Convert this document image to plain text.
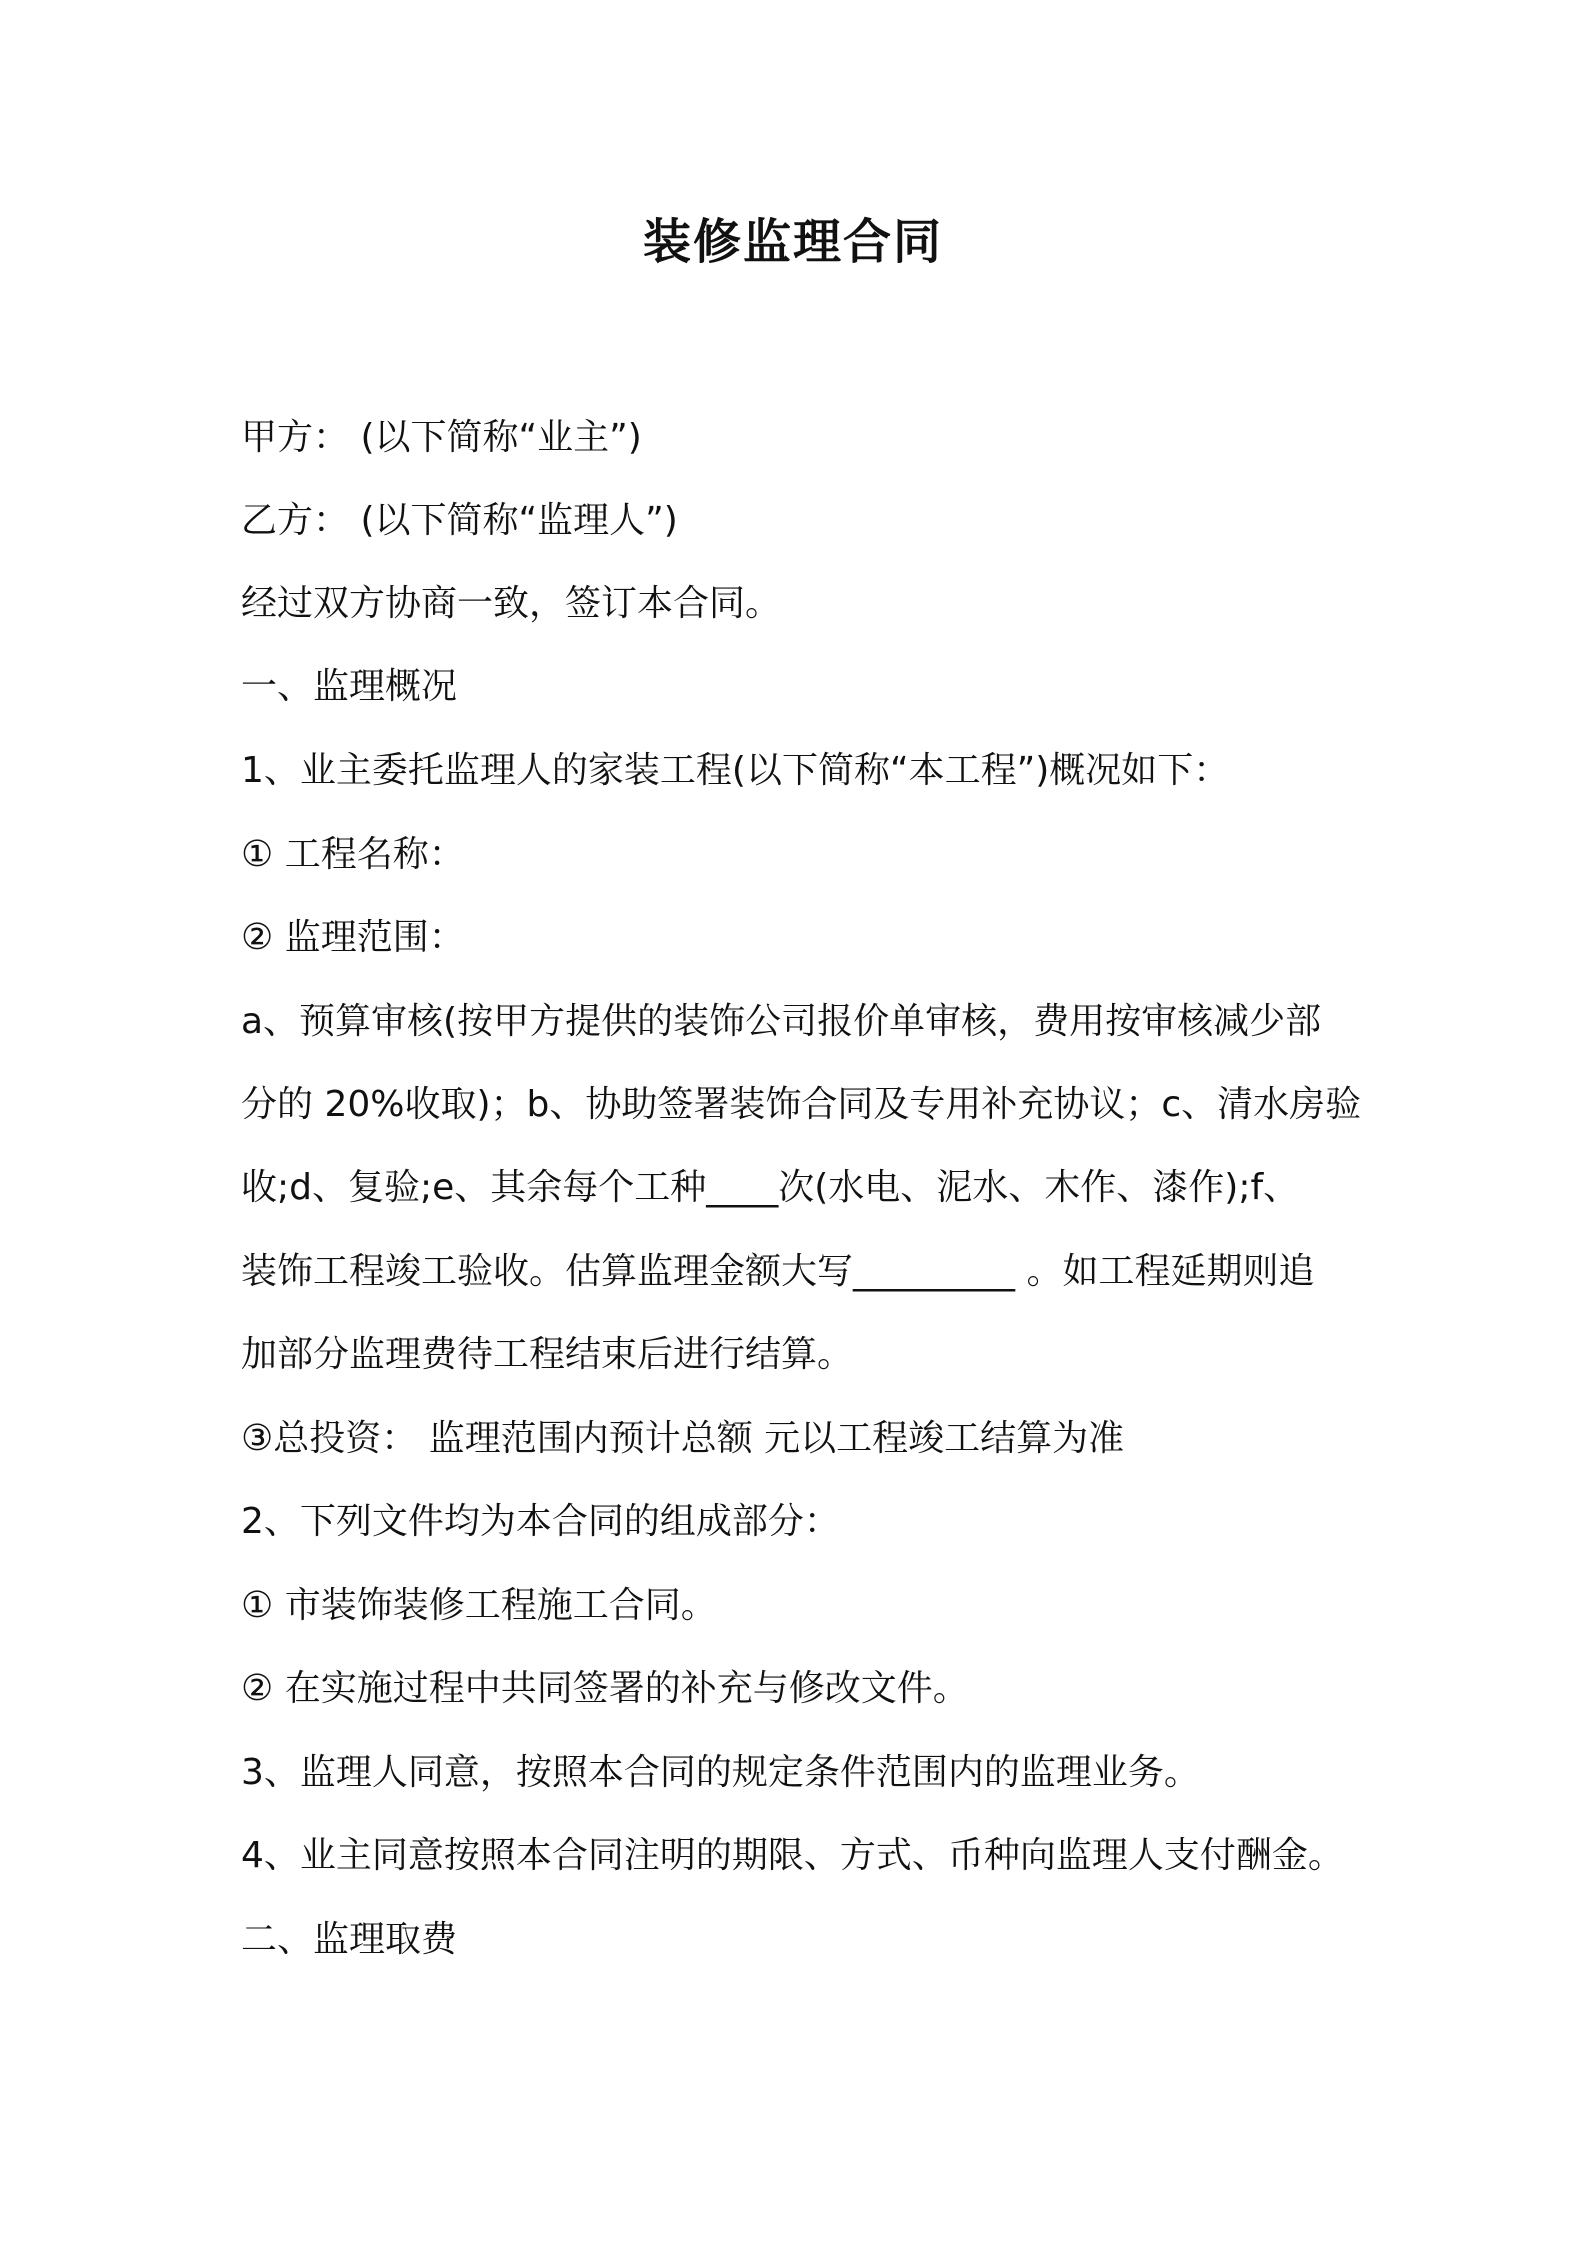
装修监理合同
甲方： (以下简称“业主”)
乙方： (以下简称“监理人”)
经过双方协商一致，签订本合同。
一、监理概况
1、业主委托监理人的家装工程(以下简称“本工程”)概况如下：
① 工程名称：
② 监理范围：
a、预算审核(按甲方提供的装饰公司报价单审核，费用按审核减少部
分的 20%收取)；b、协助签署装饰合同及专用补充协议；c、清水房验
收;d、复验;e、其余每个工种____次(水电、泥水、木作、漆作);f、
装饰工程竣工验收。估算监理金额大写_________ 。如工程延期则追
加部分监理费待工程结束后进行结算。
③总投资： 监理范围内预计总额 元以工程竣工结算为准
2、下列文件均为本合同的组成部分：
① 市装饰装修工程施工合同。
② 在实施过程中共同签署的补充与修改文件。
3、监理人同意，按照本合同的规定条件范围内的监理业务。
4、业主同意按照本合同注明的期限、方式、币种向监理人支付酬金。
二、监理取费
